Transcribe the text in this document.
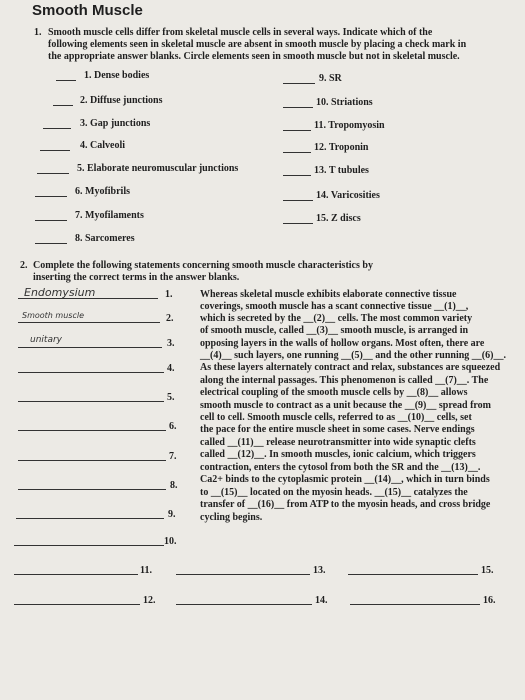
Smooth Muscle
1. Smooth muscle cells differ from skeletal muscle cells in several ways. Indicate which of the
following elements seen in skeletal muscle are absent in smooth muscle by placing a check mark in
the appropriate answer blanks. Circle elements seen in smooth muscle but not in skeletal muscle.
1. Dense bodies
2. Diffuse junctions
3. Gap junctions
4. Calveoli
5. Elaborate neuromuscular junctions
6. Myofibrils
7. Myofilaments
8. Sarcomeres
9. SR
10. Striations
11. Tropomyosin
12. Troponin
13. T tubules
14. Varicosities
15. Z discs
2. Complete the following statements concerning smooth muscle characteristics by
inserting the correct terms in the answer blanks.
Endomysium	1.
Smooth muscle	2.
unitary	3.
4.
5.
6.
7.
8.
9.
10.
Whereas skeletal muscle exhibits elaborate connective tissue
coverings, smooth muscle has a scant connective tissue __(1)__,
which is secreted by the __(2)__ cells. The most common variety
of smooth muscle, called __(3)__ smooth muscle, is arranged in
opposing layers in the walls of hollow organs. Most often, there are
__(4)__ such layers, one running __(5)__ and the other running __(6)__.
As these layers alternately contract and relax, substances are squeezed
along the internal passages. This phenomenon is called __(7)__. The
electrical coupling of the smooth muscle cells by __(8)__ allows
smooth muscle to contract as a unit because the __(9)__ spread from
cell to cell. Smooth muscle cells, referred to as __(10)__ cells, set
the pace for the entire muscle sheet in some cases. Nerve endings
called __(11)__ release neurotransmitter into wide synaptic clefts
called __(12)__. In smooth muscles, ionic calcium, which triggers
contraction, enters the cytosol from both the SR and the __(13)__.
Ca2+ binds to the cytoplasmic protein __(14)__, which in turn binds
to __(15)__ located on the myosin heads. __(15)__ catalyzes the
transfer of __(16)__ from ATP to the myosin heads, and cross bridge
cycling begins.
11.	13.	15.
12.	14.	16.
